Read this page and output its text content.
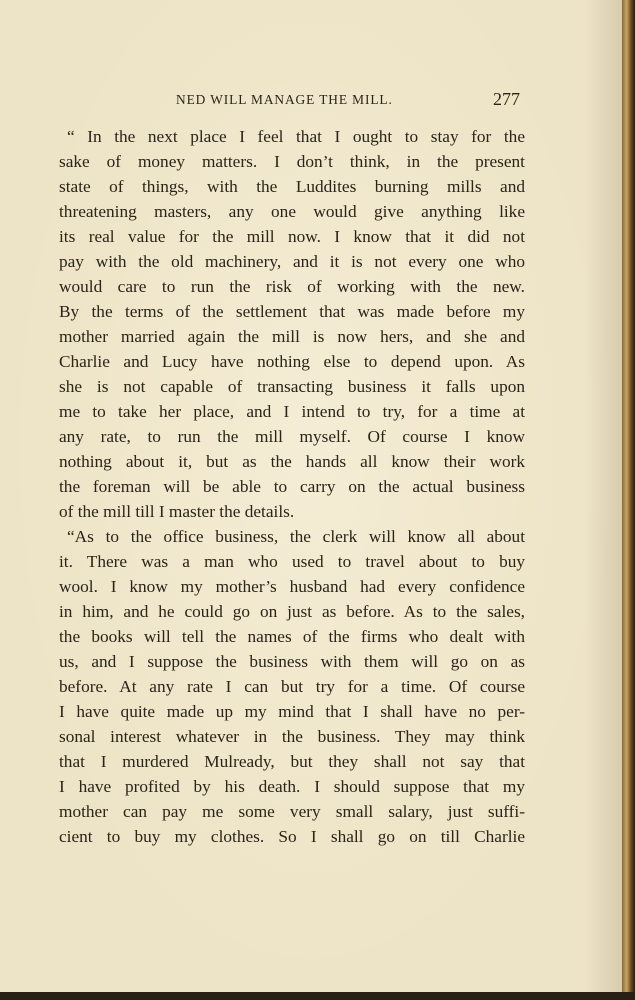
NED WILL MANAGE THE MILL.	277
“ In the next place I feel that I ought to stay for the
sake of money matters. I don’t think, in the present
state of things, with the Luddites burning mills and
threatening masters, any one would give anything like
its real value for the mill now. I know that it did not
pay with the old machinery, and it is not every one who
would care to run the risk of working with the new.
By the terms of the settlement that was made before my
mother married again the mill is now hers, and she and
Charlie and Lucy have nothing else to depend upon. As
she is not capable of transacting business it falls upon
me to take her place, and I intend to try, for a time at
any rate, to run the mill myself. Of course I know
nothing about it, but as the hands all know their work
the foreman will be able to carry on the actual business
of the mill till I master the details.
“As to the office business, the clerk will know all about
it. There was a man who used to travel about to buy
wool. I know my mother’s husband had every confidence
in him, and he could go on just as before. As to the sales,
the books will tell the names of the firms who dealt with
us, and I suppose the business with them will go on as
before. At any rate I can but try for a time. Of course
I have quite made up my mind that I shall have no per-
sonal interest whatever in the business. They may think
that I murdered Mulready, but they shall not say that
I have profited by his death. I should suppose that my
mother can pay me some very small salary, just suffi-
cient to buy my clothes. So I shall go on till Charlie
